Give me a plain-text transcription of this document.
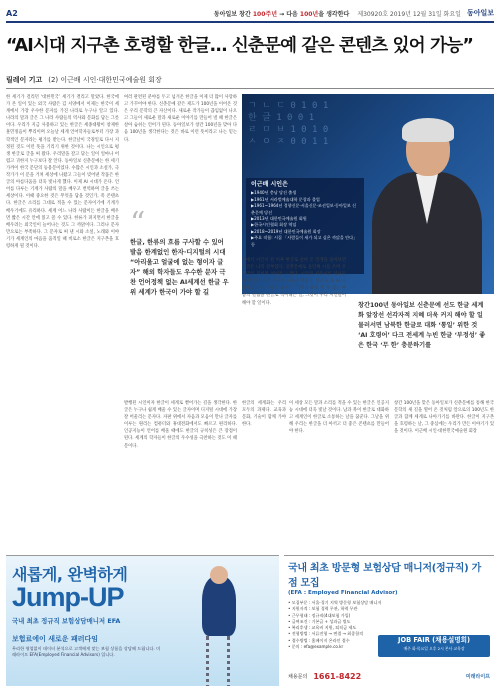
A2	동아일보 창간 100주년 → 다음 100년을 생각한다 제30920호 2019년 12월 31일 화요일 동아일보
“AI시대 지구촌 호령할 한글… 신춘문예 같은 콘텐츠 있어 가능”
릴레이 기고 (2) 이근배 시인·대한민국예술원 회장

한 세기가 걸리던 ‘대한민국’ 세기가 결리고 말았다. 한국에 가 본 일이 있는 외국 사람은 김 서양에서 이제는 한국이 세계에서 가장 우수한 문자를 가진 나라로 누구나 알고 있다. 나라의 말과 글은 그 나라 사람들의 역사와 문화를 담는 그릇이다. 우리가 지금 사용하고 있는 한글은 세종대왕이 창제한 훈민정음이 뿌리이며 오늘날 세계 언어학자들로부터 가장 과학적인 문자라는 평가를 받는다. 한글날이 국경일로 다시 지정된 것도 이런 뜻을 기리기 위한 것이다. 나는 시인으로 평생 한글로 글을 써 왔다. 우리말을 갈고 닦는 일이 얼마나 어렵고 귀한지 누구보다 잘 안다. 동아일보 신춘문예는 한 세기 가까이 한국 문단의 등용문이었다. 수많은 시인과 소설가, 극작가가 이 문을 거쳐 세상에 나왔고 그들이 빚어낸 작품은 한글의 아름다움을 더욱 빛나게 했다. 이제 AI 시대가 온다. 언어를 다루는 기계가 사람의 말을 배우고 번역하며 글을 쓰는 세상이다. 이때 중요한 것은 무엇을 담을 것인가, 즉 콘텐츠다. 한글은 소리를 그대로 적을 수 있는 문자이기에 기계가 배우기에도 유리하다. 세계 어느 나라 사람이든 한글을 배우면 짧은 시간 안에 읽고 쓸 수 있다. 한류가 퍼지면서 한글을 배우려는 외국인이 늘어나는 것도 그 까닭이다. 그러나 문자만으로는 부족하다. 그 문자로 써 낸 시와 소설, 노래와 이야기가 세계인의 마음을 움직일 때 비로소 한글은 지구촌을 호령하게 될 것이다.

여러 관련된 분야를 두고 넘겨온 한글을 이제 더 많이 사랑하고 가꾸어야 한다. 신춘문예 같은 제도가 100년을 이어온 것은 우리 문학의 큰 자산이다. 새로운 작가들이 끊임없이 나오고 그들이 새로운 말과 새로운 이야기를 만들어 낼 때 한글은 살아 숨쉬는 언어가 된다. 동아일보가 창간 100년을 맞아 다음 100년을 생각한다는 것은 바로 이런 뜻이라고 나는 믿는다.

“

한글, 한류의 흐름 구사할 수 있어 발음 한계없인 한자·디지털의 시대 “아리울고 얼굴에 없는 형이자 글자” 해외 학자들도 우수한 문자 극찬 언어정책 없는 AI세계선 한글 우위 세계가 한국이 가야 할 길

ㄱ ㄴ ㄷ 0 1 0 1
한 글 1 0 0 1
ㄹ ㅁ ㅂ 1 0 1 0
ㅅ ㅇ ㅈ 0 0 1 1
이근배 시인은
▶1940년 충남 당진 출생
▶1961년 서라벌예술대학 문창과 졸업
▶1961~1964년 경향신문·서울신문·조선일보·동아일보 신춘문예 당선
▶2013년 대한민국예술원 회원
▶한국시인협회 회장 역임
▶2018~2019년 대한민국예술원 회장
▶주요 작품: 시집 「사람들이 새가 되고 싶은 까닭을 안다」 등

말에서 시인이 된 이후 한글로 살아 온 일생을 돌아보면 한글은 나의 전부였다. 신춘문예로 등단해 시를 쓰며 우리말의 깊이와 넓이를 느꼈다. 시조와 자유시를 넘나들며 한글이 가진 가락과 운율을 배웠다. 앞으로 올 AI 시대에도 시는 사람의 몫이다. 기계가 흉내 낼 수 없는 마음의 떨림을 한글로 적어내는 일, 그것이 우리 시인들이 해야 할 일이다.	창간100년 동아일보 신춘문예 선도 한글 세계화 앞장선 선각자적 지혜 더욱 커지 해야 할 일 물러서면 남북한 한글로 대화 ‘통일’ 위한 것 ‘AI 호령어’ 다크 전세계 누빈 한글 ‘부정성’ 좋은 한국 ‘무 한’ 충분하기를

발행된 시인이자 한글이 세계로 뻗어가는 길을 생각한다. 한글은 누구나 쉽게 배울 수 있는 글자이며 디지털 시대에 가장 잘 어울리는 문자다. 자판 위에서 자음과 모음이 만나 글자를 이루는 원리는 컴퓨터와 휴대전화에서도 빠르고 편리하다. 인공지능이 언어를 배울 때에도 한글의 규칙성은 큰 장점이 된다. 세계의 학자들이 한글의 우수성을 극찬하는 것도 이 때문이다.

한글의 세계화는 우리 모두의 과제다. 교육과 문화, 기술이 함께 가야 한다.

이 세상 모든 말과 소리를 적을 수 있는 한글은 인공지능 시대에 더욱 빛날 것이다. 남과 북이 한글로 대화하고 세계인이 한글로 소통하는 날을 꿈꾼다. 그날을 위해 우리는 한글을 더 아끼고 더 좋은 콘텐츠를 만들어야 한다.

창간 100년을 맞은 동아일보가 신춘문예를 통해 한국 문학의 새 길을 열어 온 것처럼 앞으로의 100년도 한글과 함께 세계로 나아가기를 바란다. 한글이 지구촌을 호령하는 날, 그 중심에는 우리가 만든 이야기가 있을 것이다. 이근배 시인·대한민국예술원 회장

새롭게, 완벽하게
Jump-UP
국내 최초 정규직 보험상담매니저 EFA
보험료에이 새로운 패러다임
무리한 영업없이 데이터 분석으로 고객에게 맞는 보험 상품을 상담해 드립니다. 미래라이프 EFA(Employed Financial Advisors) 입니다.
국내 최초 방문형 보험상담 매니저(정규직) 가점 모집
(EFA : Employed Financial Advisor)
• 모집부문 : 서울·경기 지역 방문형 보험상담 매니저
• 지원자격 : 보험 경력 무관, 학력 무관
• 근무형태 : 정규직(4대보험 가입)
• 급여조건 : 기본급 + 성과급 별도
• 복리후생 : 교육비 지원, 퇴직금 제도
• 전형방법 : 서류전형 → 면접 → 최종합격
• 접수방법 : 홈페이지 온라인 접수
• 문의 : efa@example.co.kr
JOB FAIR (채용설명회)
매주 화·목요일 오후 2시 본사 교육장
채용문의 1661-8422	미래라이프
